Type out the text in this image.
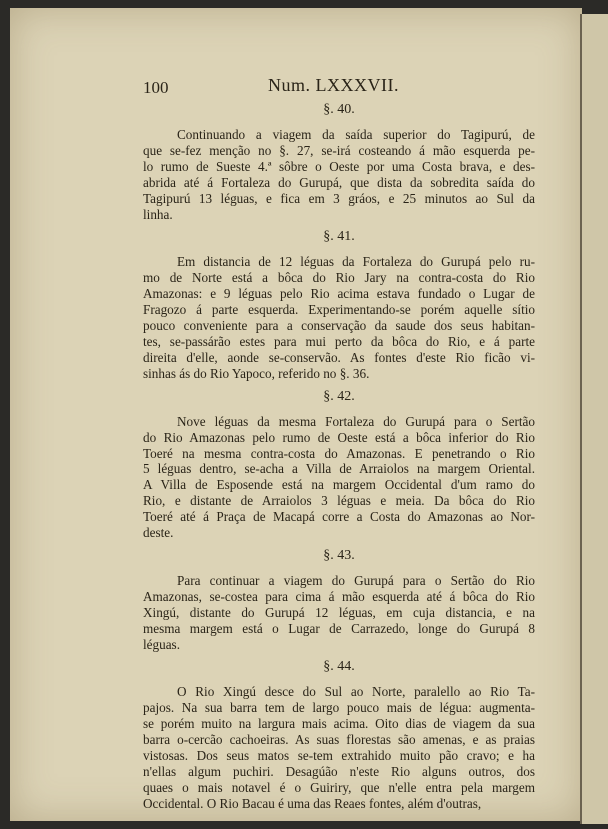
100	Num. LXXXVII.
§. 40.
Continuando a viagem da saída superior do Tagipurú, de
que se-fez menção no §. 27, se-irá costeando á mão esquerda pe-
lo rumo de Sueste 4.ª sôbre o Oeste por uma Costa brava, e des-
abrida até á Fortaleza do Gurupá, que dista da sobredita saída do
Tagipurú 13 léguas, e fica em 3 gráos, e 25 minutos ao Sul da
linha.
§. 41.
Em distancia de 12 léguas da Fortaleza do Gurupá pelo ru-
mo de Norte está a bôca do Rio Jary na contra-costa do Rio
Amazonas: e 9 léguas pelo Rio acima estava fundado o Lugar de
Fragozo á parte esquerda. Experimentando-se porém aquelle sítio
pouco conveniente para a conservação da saude dos seus habitan-
tes, se-passárão estes para mui perto da bôca do Rio, e á parte
direita d'elle, aonde se-conservão. As fontes d'este Rio ficão vi-
sinhas ás do Rio Yapoco, referido no §. 36.
§. 42.
Nove léguas da mesma Fortaleza do Gurupá para o Sertão
do Rio Amazonas pelo rumo de Oeste está a bôca inferior do Rio
Toeré na mesma contra-costa do Amazonas. E penetrando o Rio
5 léguas dentro, se-acha a Villa de Arraiolos na margem Oriental.
A Villa de Esposende está na margem Occidental d'um ramo do
Rio, e distante de Arraiolos 3 léguas e meia. Da bôca do Rio
Toeré até á Praça de Macapá corre a Costa do Amazonas ao Nor-
deste.
§. 43.
Para continuar a viagem do Gurupá para o Sertão do Rio
Amazonas, se-costea para cima á mão esquerda até á bôca do Rio
Xingú, distante do Gurupá 12 léguas, em cuja distancia, e na
mesma margem está o Lugar de Carrazedo, longe do Gurupá 8
léguas.
§. 44.
O Rio Xingú desce do Sul ao Norte, paralello ao Rio Ta-
pajos. Na sua barra tem de largo pouco mais de légua: augmenta-
se porém muito na largura mais acima. Oito dias de viagem da sua
barra o-cercão cachoeiras. As suas florestas são amenas, e as praias
vistosas. Dos seus matos se-tem extrahido muito pão cravo; e ha
n'ellas algum puchiri. Desagúão n'este Rio alguns outros, dos
quaes o mais notavel é o Guiriry, que n'elle entra pela margem
Occidental. O Rio Bacau é uma das Reaes fontes, além d'outras,
